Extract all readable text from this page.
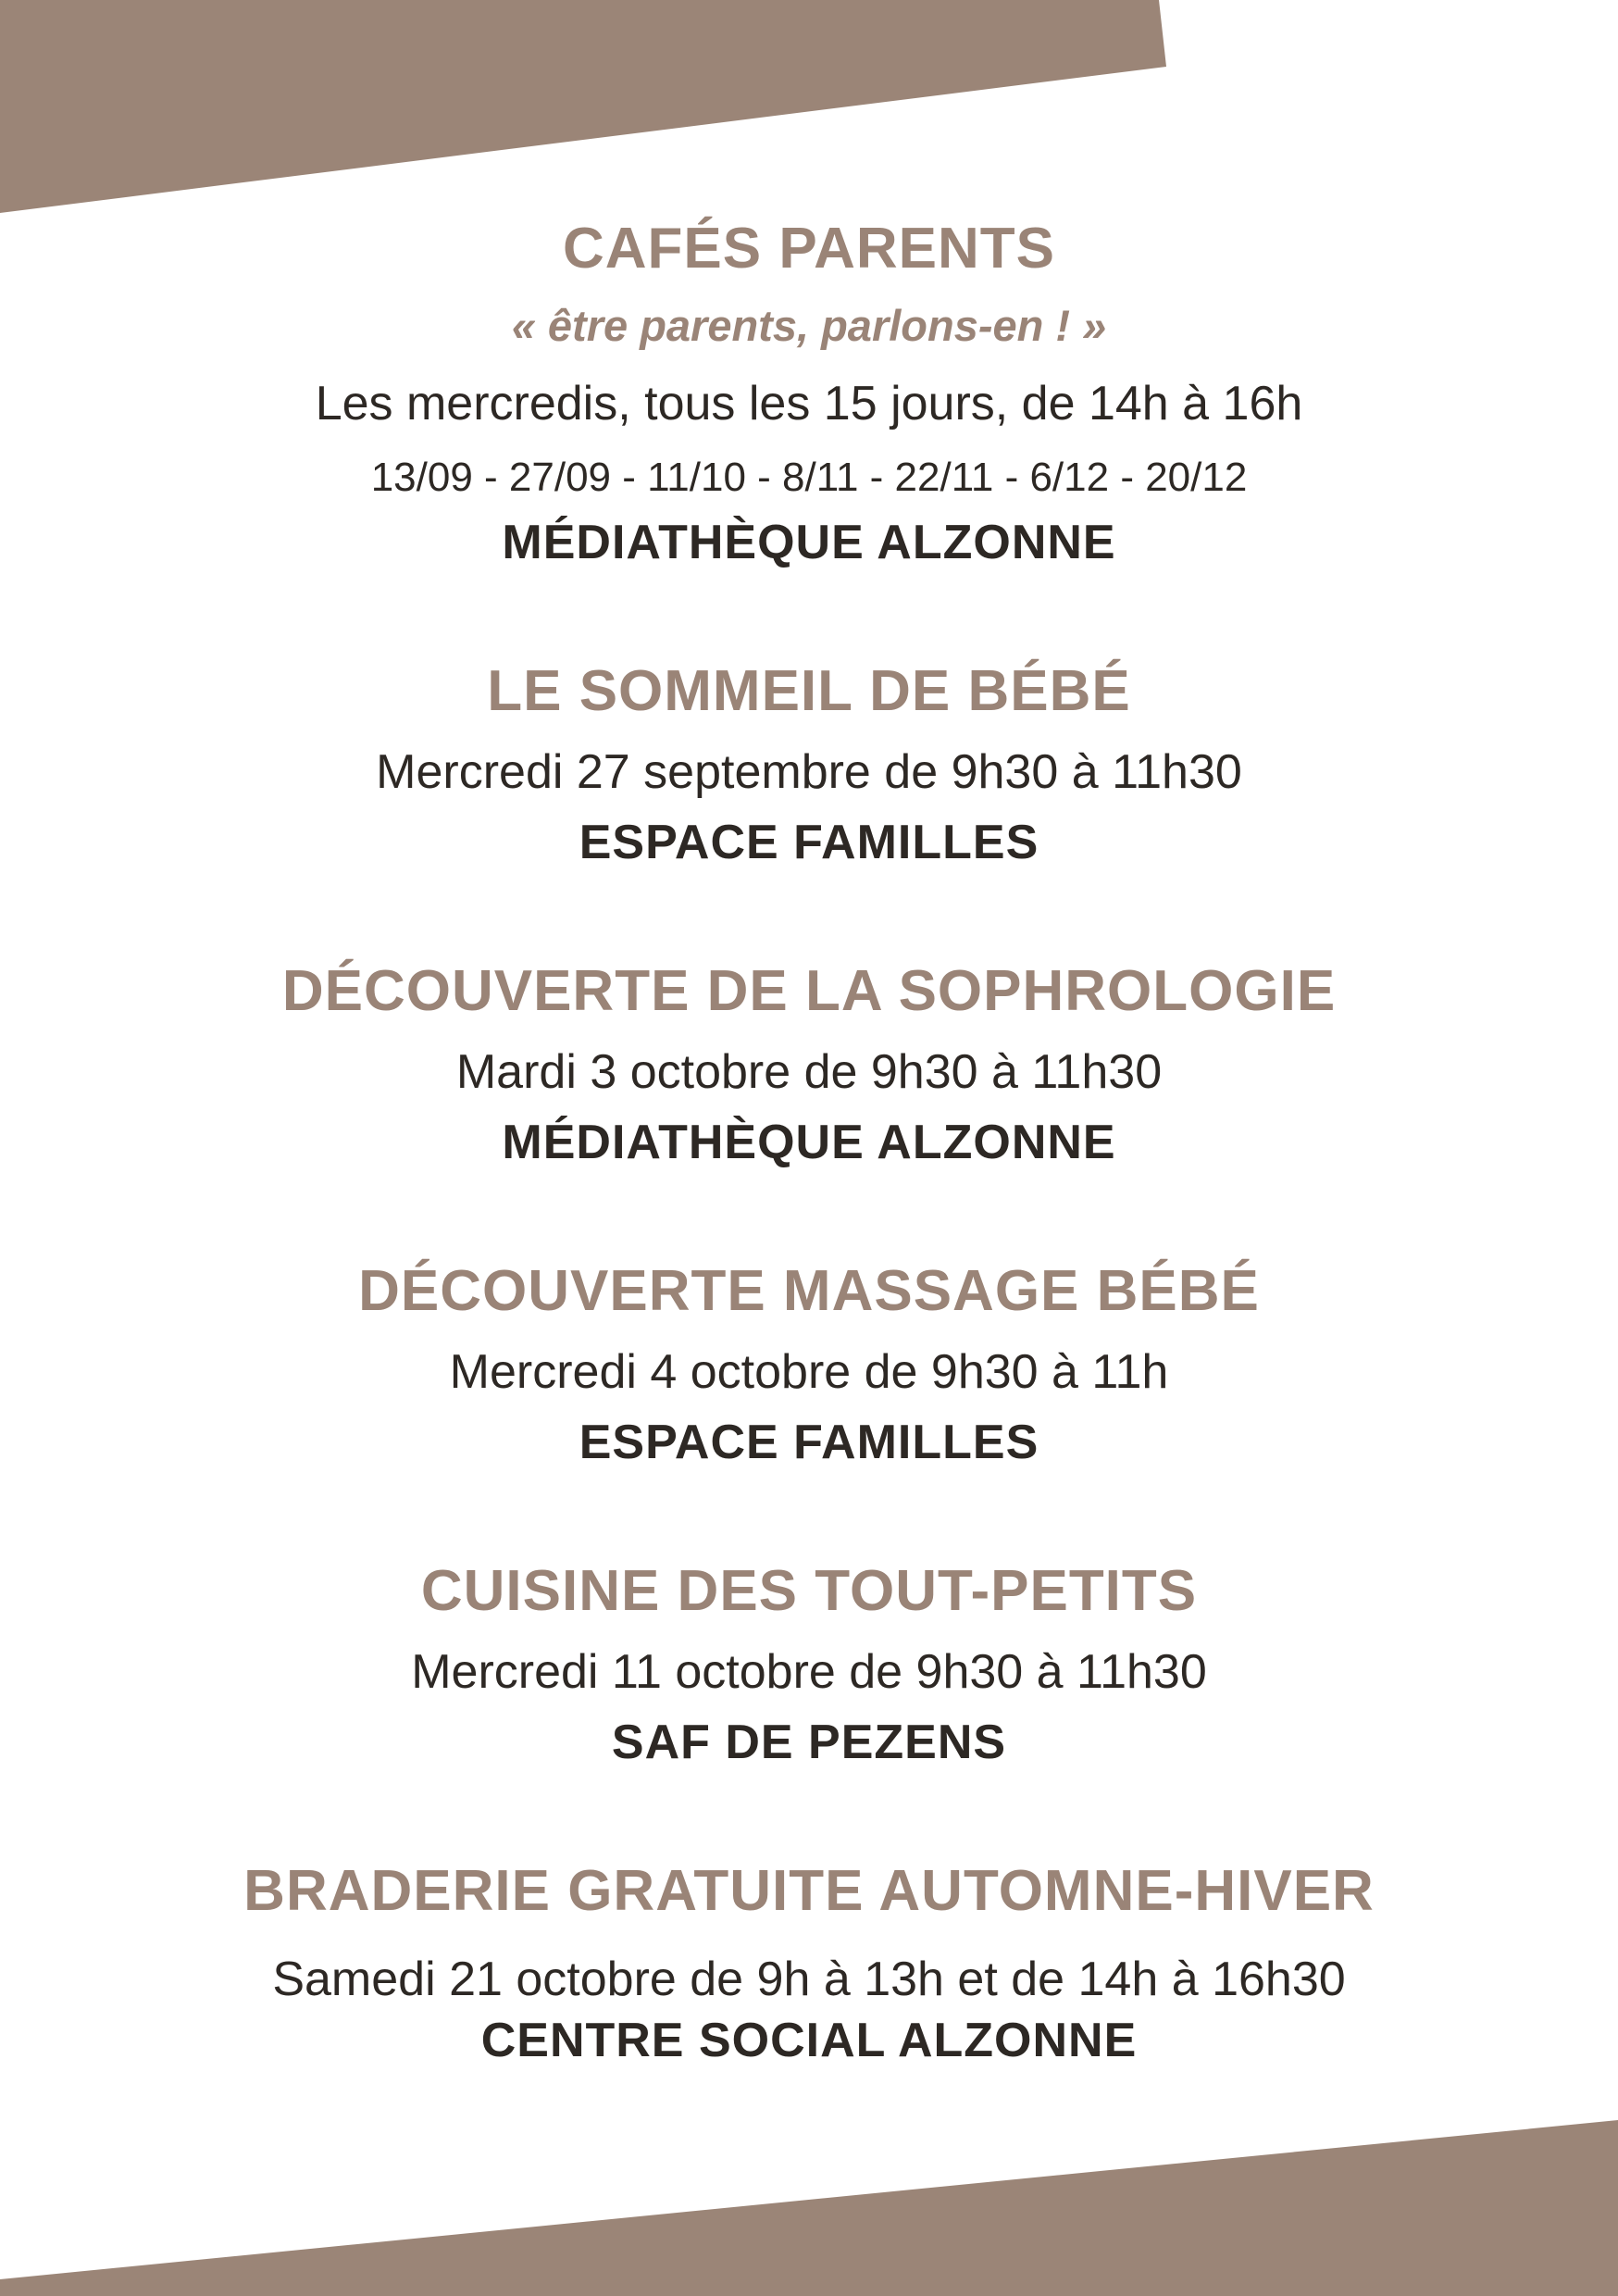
CAFÉS PARENTS
« être parents, parlons-en ! »
Les mercredis, tous les 15 jours, de 14h à 16h
13/09 - 27/09 - 11/10 - 8/11 - 22/11 - 6/12 - 20/12
MÉDIATHÈQUE ALZONNE
LE SOMMEIL DE BÉBÉ
Mercredi 27 septembre de 9h30 à 11h30
ESPACE FAMILLES
DÉCOUVERTE DE LA SOPHROLOGIE
Mardi 3 octobre de 9h30 à 11h30
MÉDIATHÈQUE ALZONNE
DÉCOUVERTE MASSAGE BÉBÉ
Mercredi 4 octobre de 9h30 à 11h
ESPACE FAMILLES
CUISINE DES TOUT-PETITS
Mercredi 11 octobre de 9h30 à 11h30
SAF DE PEZENS
BRADERIE GRATUITE AUTOMNE-HIVER
Samedi 21 octobre de 9h à 13h et de 14h à 16h30
CENTRE SOCIAL ALZONNE
